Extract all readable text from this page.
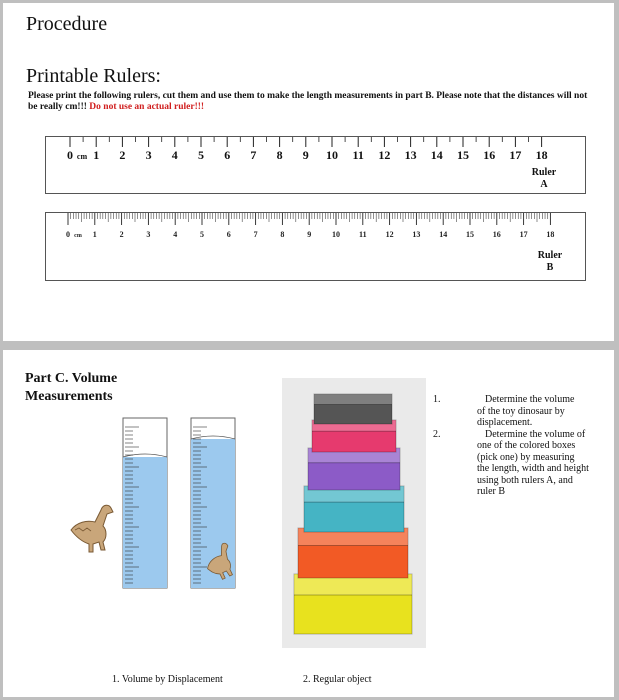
Procedure
Printable Rulers:
Please print the following rulers, cut them and use them to make the length measurements in part B. Please note that the distances will not be really cm!!! Do not use an actual ruler!!!
0 cm 1 2 3 4 5 6 7 8 9 10 11 12 13 14 15 16 17 18
Ruler
A
0 cm 1	2	3	4	5	6	7	8	9	10 11 12 13 14 15 16 17 18
Ruler
B
Part C. Volume
Measurements	1.	Determine the volume of the toy dinosaur by displacement.
2.	Determine the volume of one of the colored boxes (pick one) by measuring the length, width and height using both rulers A, and ruler B
1. Volume by Displacement	2. Regular object
